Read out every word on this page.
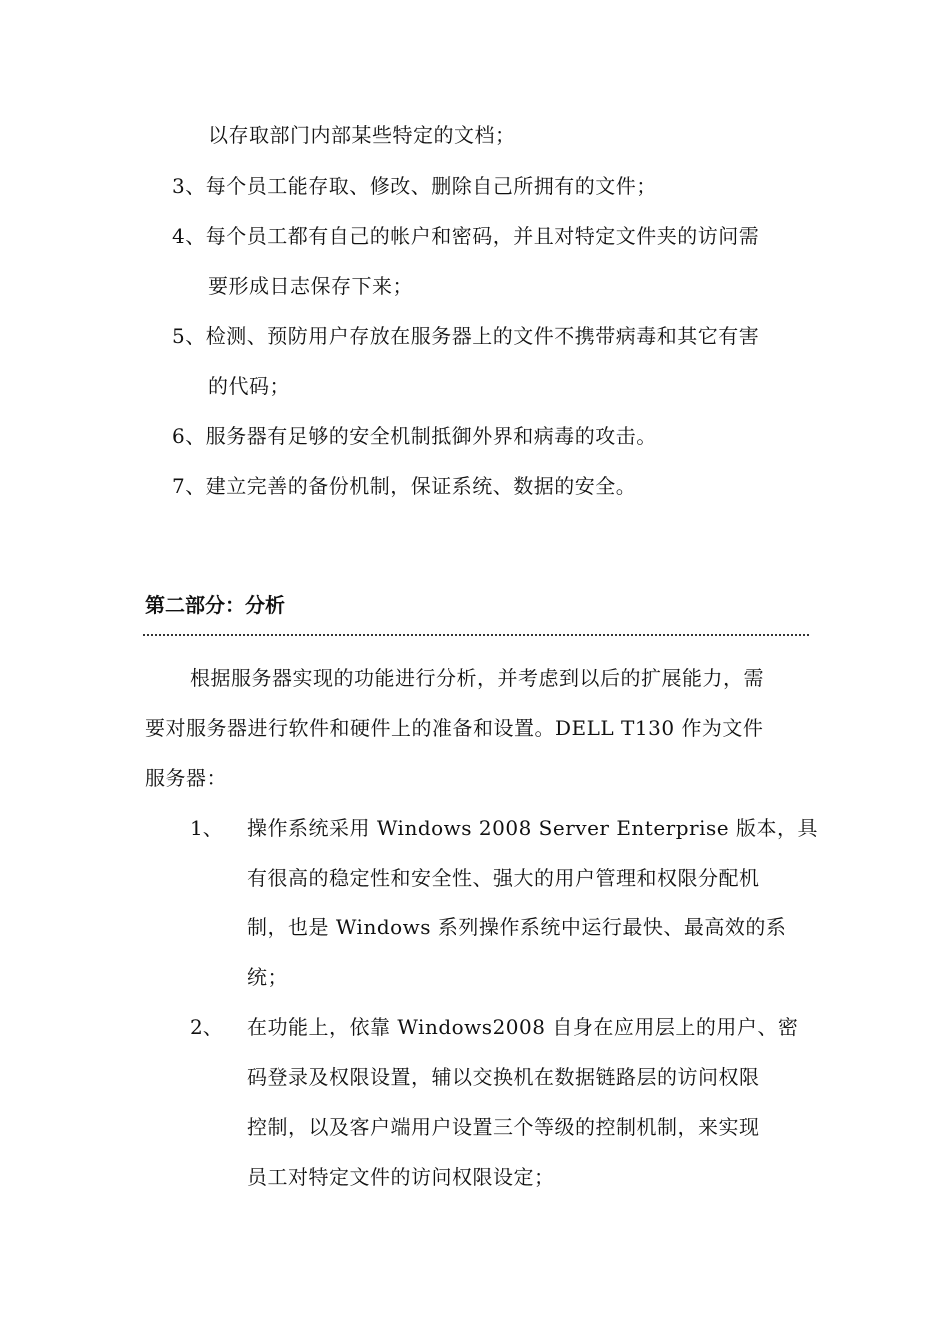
以存取部门内部某些特定的文档；
3、每个员工能存取、修改、删除自己所拥有的文件；
4、每个员工都有自己的帐户和密码，并且对特定文件夹的访问需
要形成日志保存下来；
5、检测、预防用户存放在服务器上的文件不携带病毒和其它有害
的代码；
6、服务器有足够的安全机制抵御外界和病毒的攻击。
7、建立完善的备份机制，保证系统、数据的安全。
第二部分：分析
根据服务器实现的功能进行分析，并考虑到以后的扩展能力，需
要对服务器进行软件和硬件上的准备和设置。DELL T130 作为文件
服务器：
1、 操作系统采用 Windows 2008 Server Enterprise 版本，具
有很高的稳定性和安全性、强大的用户管理和权限分配机
制，也是 Windows 系列操作系统中运行最快、最高效的系
统；
2、 在功能上，依靠 Windows2008 自身在应用层上的用户、密
码登录及权限设置，辅以交换机在数据链路层的访问权限
控制，以及客户端用户设置三个等级的控制机制，来实现
员工对特定文件的访问权限设定；
